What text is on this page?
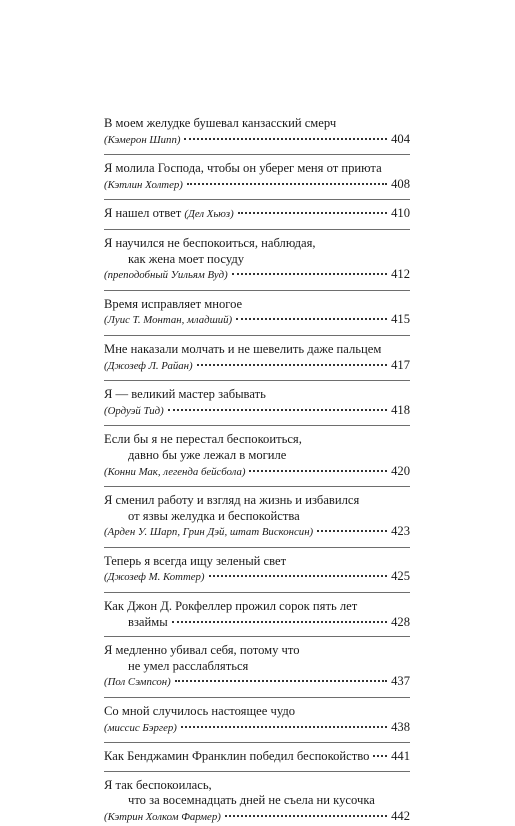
В моем желудке бушевал канзасский смерч
(Кэмерон Шипп)	404
Я молила Господа, чтобы он уберег меня от приюта
(Кэтлин Холтер)	408
Я нашел ответ (Дел Хьюз)	410
Я научился не беспокоиться, наблюдая,
как жена моет посуду
(преподобный Уильям Вуд)	412
Время исправляет многое
(Луис Т. Монтан, младший)	415
Мне наказали молчать и не шевелить даже пальцем
(Джозеф Л. Райан)	417
Я — великий мастер забывать
(Ордуэй Тид)	418
Если бы я не перестал беспокоиться,
давно бы уже лежал в могиле
(Конни Мак, легенда бейсбола)	420
Я сменил работу и взгляд на жизнь и избавился
от язвы желудка и беспокойства
(Арден У. Шарп, Грин Дэй, штат Висконсин)	423
Теперь я всегда ищу зеленый свет
(Джозеф М. Коттер)	425
Как Джон Д. Рокфеллер прожил сорок пять лет
взаймы	428
Я медленно убивал себя, потому что
не умел расслабляться
(Пол Сэмпсон)	437
Со мной случилось настоящее чудо
(миссис Бэргер)	438
Как Бенджамин Франклин победил беспокойство 441
Я так беспокоилась,
что за восемнадцать дней не съела ни кусочка
(Кэтрин Холком Фармер)	442
